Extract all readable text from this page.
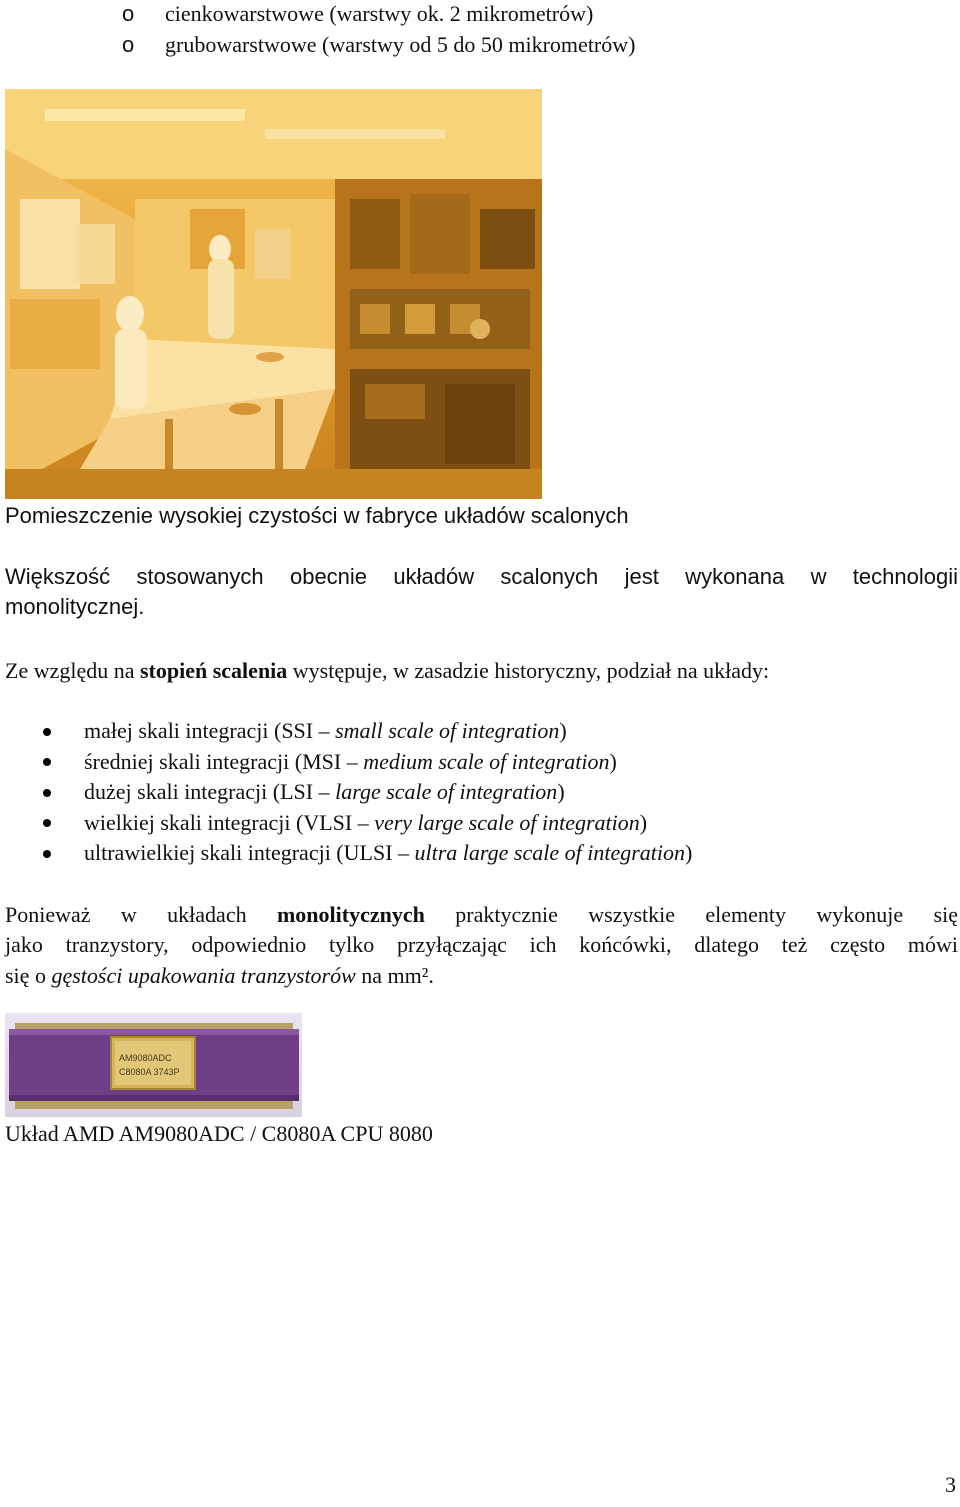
o cienkowarstwowe (warstwy ok. 2 mikrometrów)
o grubowarstwowe (warstwy od 5 do 50 mikrometrów)
Pomieszczenie wysokiej czystości w fabryce układów scalonych
Większość stosowanych obecnie układów scalonych jest wykonana w technologii
monolitycznej.
Ze względu na stopień scalenia występuje, w zasadzie historyczny, podział na układy:
małej skali integracji (SSI – small scale of integration)
średniej skali integracji (MSI – medium scale of integration)
dużej skali integracji (LSI – large scale of integration)
wielkiej skali integracji (VLSI – very large scale of integration)
ultrawielkiej skali integracji (ULSI – ultra large scale of integration)
Ponieważ w układach monolitycznych praktycznie wszystkie elementy wykonuje się
jako tranzystory, odpowiednio tylko przyłączając ich końcówki, dlatego też często mówi
się o gęstości upakowania tranzystorów na mm².
AM9080ADC
C8080A 3743P
Układ AMD AM9080ADC / C8080A CPU 8080
3
